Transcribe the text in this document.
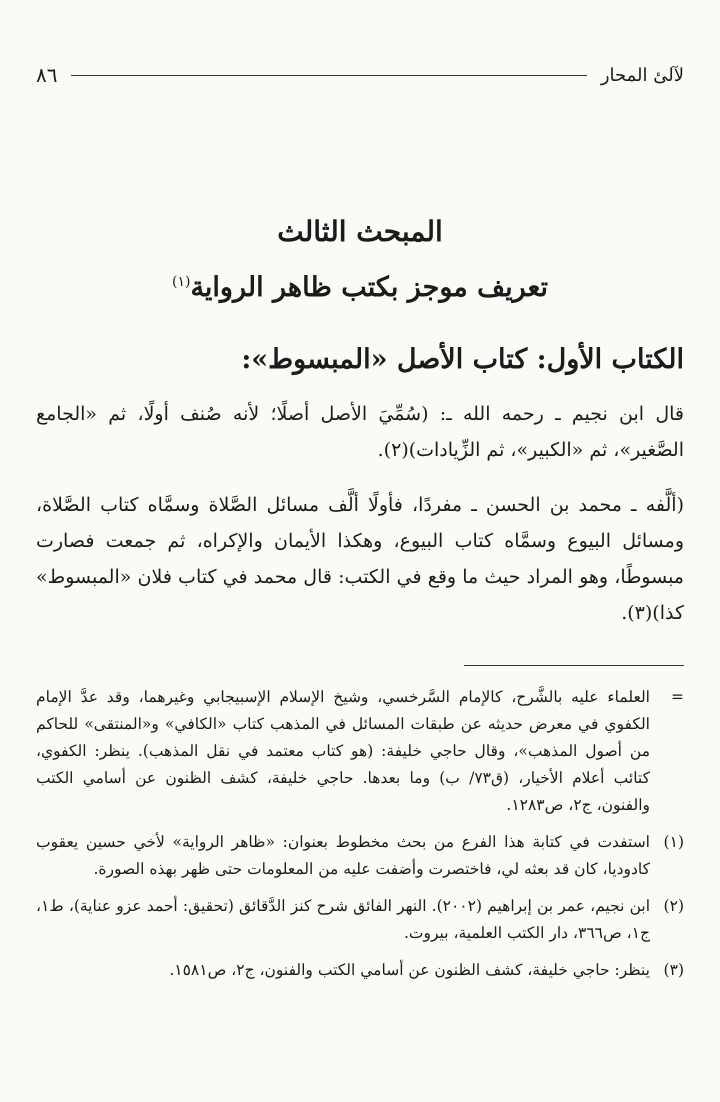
٨٦	لآلئ المحار
المبحث الثالث
تعريف موجز بكتب ظاهر الرواية$^{(١)}$
الكتاب الأول: كتاب الأصل «المبسوط»:

قال ابن نجيم ـ رحمه الله ـ: (سُمِّيَ الأصل أصلًا؛ لأنه صُنف أولًا، ثم «الجامع الصَّغير»، ثم «الكبير»، ثم الزِّيادات)(٢).

(ألَّفه ـ محمد بن الحسن ـ مفردًا، فأولًا ألَّف مسائل الصَّلاة وسمَّاه كتاب الصَّلاة، ومسائل البيوع وسمَّاه كتاب البيوع، وهكذا الأيمان والإكراه، ثم جمعت فصارت مبسوطًا، وهو المراد حيث ما وقع في الكتب: قال محمد في كتاب فلان «المبسوط» كذا)(٣).

=
العلماء عليه بالشَّرح، كالإمام السَّرخسي، وشيخ الإسلام الإسبيجابي وغيرهما، وقد عدَّ الإمام الكفوي في معرض حديثه عن طبقات المسائل في المذهب كتاب «الكافي» و«المنتقى» للحاكم من أصول المذهب»، وقال حاجي خليفة: (هو كتاب معتمد في نقل المذهب). ينظر: الكفوي، كتائب أعلام الأخيار، (ق٧٣/ ب) وما بعدها. حاجي خليفة، كشف الظنون عن أسامي الكتب والفنون، ج٢، ص١٢٨٣.
(١)
استفدت في كتابة هذا الفرع من بحث مخطوط بعنوان: «ظاهر الرواية» لأخي حسين يعقوب كادوديا، كان قد بعثه لي، فاختصرت وأضفت عليه من المعلومات حتى ظهر بهذه الصورة.
(٢)
ابن نجيم، عمر بن إبراهيم (٢٠٠٢). النهر الفائق شرح كنز الدَّقائق (تحقيق: أحمد عزو عناية)، ط١، ج١، ص٣٦٦، دار الكتب العلمية، بيروت.
(٣)
ينظر: حاجي خليفة، كشف الظنون عن أسامي الكتب والفنون، ج٢، ص١٥٨١.
